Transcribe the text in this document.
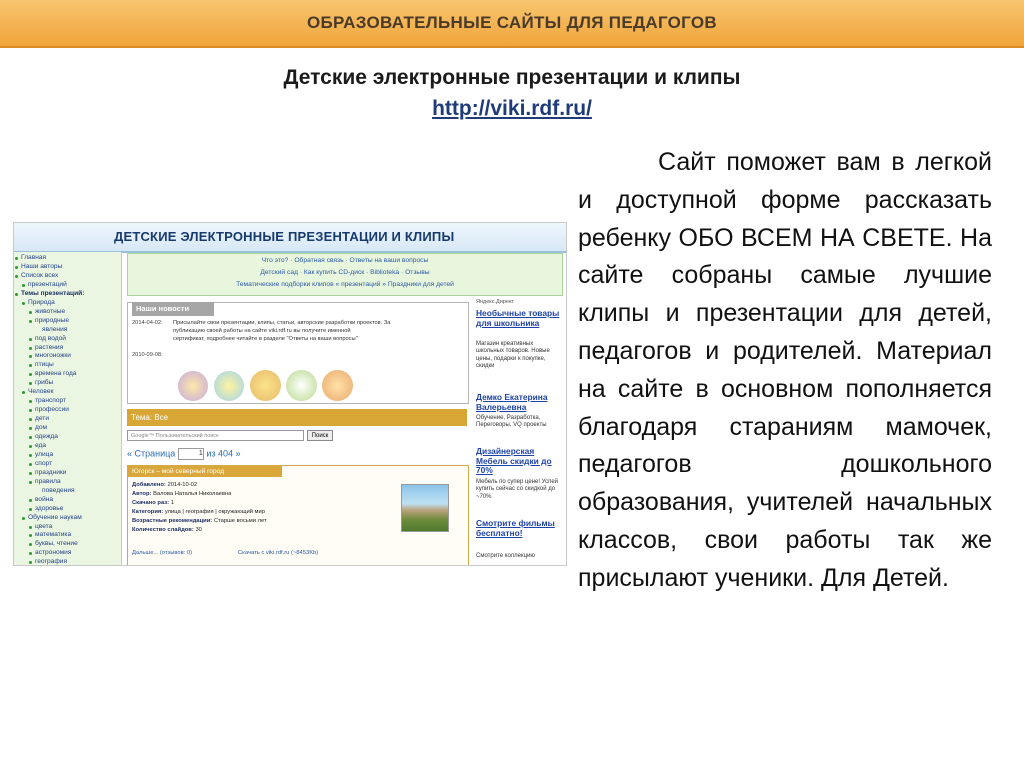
ОБРАЗОВАТЕЛЬНЫЕ САЙТЫ ДЛЯ ПЕДАГОГОВ
Детские электронные презентации и клипы
http://viki.rdf.ru/
ДЕТСКИЕ ЭЛЕКТРОННЫЕ ПРЕЗЕНТАЦИИ И КЛИПЫ
Главная
Наши авторы
Список всех
презентаций
Темы презентаций:
Природа
животные
природные
явления
под водой
растения
многоножки
птицы
времена года
грибы
Человек
транспорт
профессии
дети
дом
одежда
еда
улица
спорт
праздники
правила
поведения
война
здоровье
Обучение наукам
цвета
математика
буквы, чтение
астрономия
география
Что это? · Обратная связь · Ответы на ваши вопросы
Детский сад · Как купить CD-диск · Biblioteka · Отзывы
Тематические подборки клипов « презентаций » Праздники для детей
Наши новости
2014-04-02: Присылайте свои презентации, клипы, статьи, авторские разработки проектов. За
публикацию своей работы на сайте viki.rdf.ru вы получите именной
сертификат, подробнее читайте в разделе "Ответы на ваши вопросы"
2010-09-08:
Яндекс.Директ
Необычные товары для школьника
Магазин креативных школьных товаров. Новые цены, подарки к покупке, скидки
Демко Екатерина Валерьевна
Обучение, Разработка, Переговоры, VQ проекты
Дизайнерская Мебель скидки до 70%
Мебель по супер цене! Успей купить сейчас со скидкой до ~70%
Смотрите фильмы бесплатно!
Смотрите коллекцию
Тема: Все
Google™ Пользовательский поиск	Поиск
« Страница	1 из 404 »
Югорск – мой северный город
Добавлено: 2014-10-02
Автор: Валова Наталья Николаевна
Скачано раз: 1
Категория: улица | география | окружающий мир
Возрастные рекомендации: Старше восьми лет
Количество слайдов: 30
Дальше... (отзывов: 0)	Скачать с viki.rdf.ru (~8453Kb)
Сайт поможет вам в легкой и доступной форме рассказать ребенку ОБО ВСЕМ НА СВЕТЕ. На сайте собраны самые лучшие клипы и презентации для детей, педагогов и родителей. Материал на сайте в основном пополняется благодаря стараниям мамочек, педагогов дошкольного образования, учителей начальных классов, свои работы так же присылают ученики. Для Детей.
